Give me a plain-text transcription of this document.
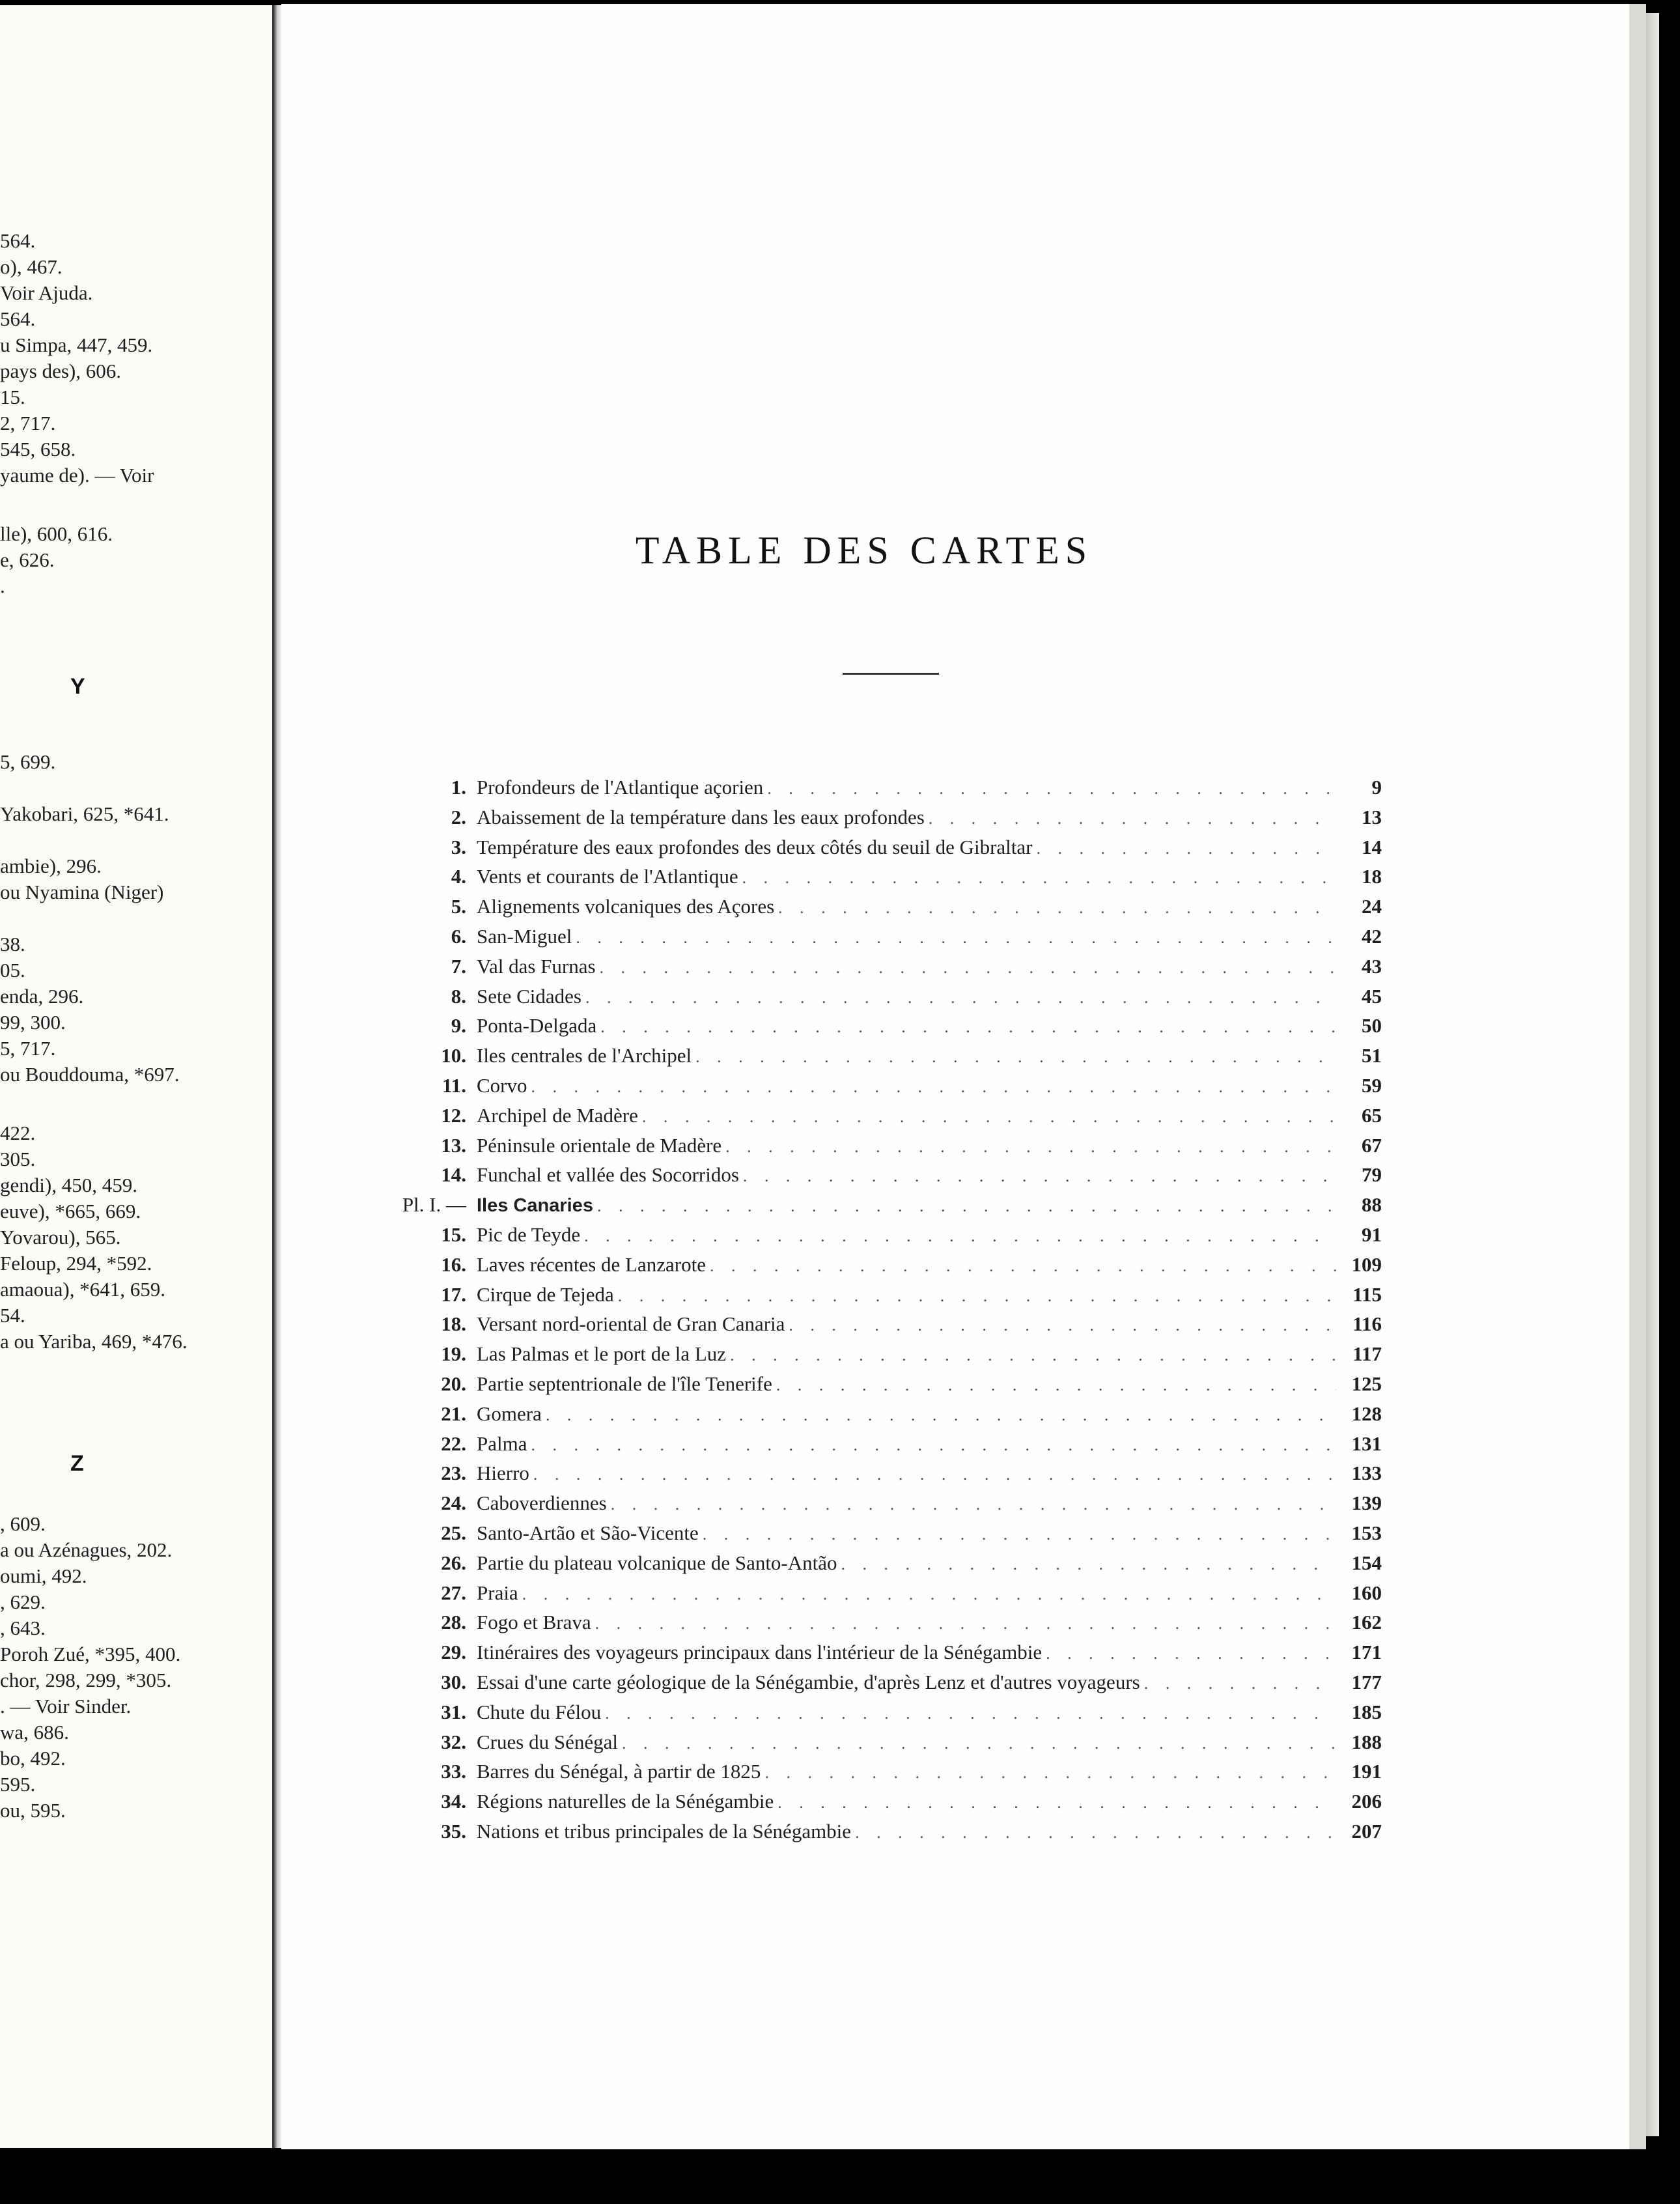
564.
o), 467.
Voir Ajuda.
564.
u Simpa, 447, 459.
pays des), 606.
15.
2, 717.
545, 658.
yaume de). — Voir
lle), 600, 616.
e, 626.
.
5, 699.
Yakobari, 625, *641.
ambie), 296.
ou Nyamina (Niger)
38.
05.
enda, 296.
99, 300.
5, 717.
ou Bouddouma, *697.
422.
305.
gendi), 450, 459.
euve), *665, 669.
Yovarou), 565.
Feloup, 294, *592.
amaoua), *641, 659.
54.
a ou Yariba, 469, *476.
, 609.
a ou Azénagues, 202.
oumi, 492.
, 629.
, 643.
Poroh Zué, *395, 400.
chor, 298, 299, *305.
. — Voir Sinder.
wa, 686.
bo, 492.
595.
ou, 595.
Y
Z
TABLE DES CARTES
1. Profondeurs de l'Atlantique açorien . . .	9
2. Abaissement de la température dans les eaux profondes . . .	13
3. Température des eaux profondes des deux côtés du seuil de Gibraltar . . .	14
4. Vents et courants de l'Atlantique . . .	18
5. Alignements volcaniques des Açores . . .	24
6. San-Miguel . . .	42
7. Val das Furnas . . .	43
8. Sete Cidades . . .	45
9. Ponta-Delgada . . .	50
10. Iles centrales de l'Archipel . . .	51
11. Corvo . . .	59
12. Archipel de Madère . . .	65
13. Péninsule orientale de Madère . . .	67
14. Funchal et vallée des Socorridos . . .	79
Pl. I. — Iles Canaries . . .	88
15. Pic de Teyde . . .	91
16. Laves récentes de Lanzarote . . .	109
17. Cirque de Tejeda . . .	115
18. Versant nord-oriental de Gran Canaria . . .	116
19. Las Palmas et le port de la Luz . . .	117
20. Partie septentrionale de l'île Tenerife . . .	125
21. Gomera . . .	128
22. Palma . . .	131
23. Hierro . . .	133
24. Caboverdiennes . . .	139
25. Santo-Artão et São-Vicente . . .	153
26. Partie du plateau volcanique de Santo-Antão . . .	154
27. Praia . . .	160
28. Fogo et Brava . . .	162
29. Itinéraires des voyageurs principaux dans l'intérieur de la Sénégambie . . .	171
30. Essai d'une carte géologique de la Sénégambie, d'après Lenz et d'autres voyageurs . . .	177
31. Chute du Félou . . .	185
32. Crues du Sénégal . . .	188
33. Barres du Sénégal, à partir de 1825 . . .	191
34. Régions naturelles de la Sénégambie . . .	206
35. Nations et tribus principales de la Sénégambie . . .	207
